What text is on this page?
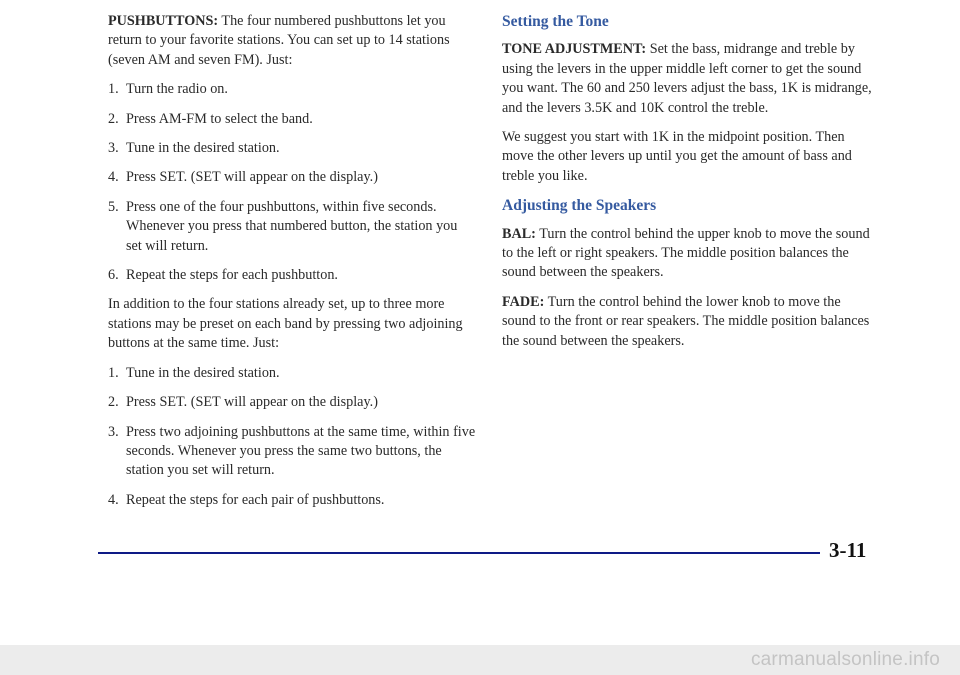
PUSHBUTTONS: The four numbered pushbuttons let you return to your favorite stations. You can set up to 14 stations (seven AM and seven FM). Just:

1. Turn the radio on.
2. Press AM-FM to select the band.
3. Tune in the desired station.
4. Press SET. (SET will appear on the display.)
5. Press one of the four pushbuttons, within five seconds. Whenever you press that numbered button, the station you set will return.
6. Repeat the steps for each pushbutton.

In addition to the four stations already set, up to three more stations may be preset on each band by pressing two adjoining buttons at the same time. Just:

1. Tune in the desired station.
2. Press SET. (SET will appear on the display.)
3. Press two adjoining pushbuttons at the same time, within five seconds. Whenever you press the same two buttons, the station you set will return.
4. Repeat the steps for each pair of pushbuttons.
Setting the Tone

TONE ADJUSTMENT: Set the bass, midrange and treble by using the levers in the upper middle left corner to get the sound you want. The 60 and 250 levers adjust the bass, 1K is midrange, and the levers 3.5K and 10K control the treble.

We suggest you start with 1K in the midpoint position. Then move the other levers up until you get the amount of bass and treble you like.

Adjusting the Speakers

BAL: Turn the control behind the upper knob to move the sound to the left or right speakers. The middle position balances the sound between the speakers.

FADE: Turn the control behind the lower knob to move the sound to the front or rear speakers. The middle position balances the sound between the speakers.

3-11
carmanualsonline.info
